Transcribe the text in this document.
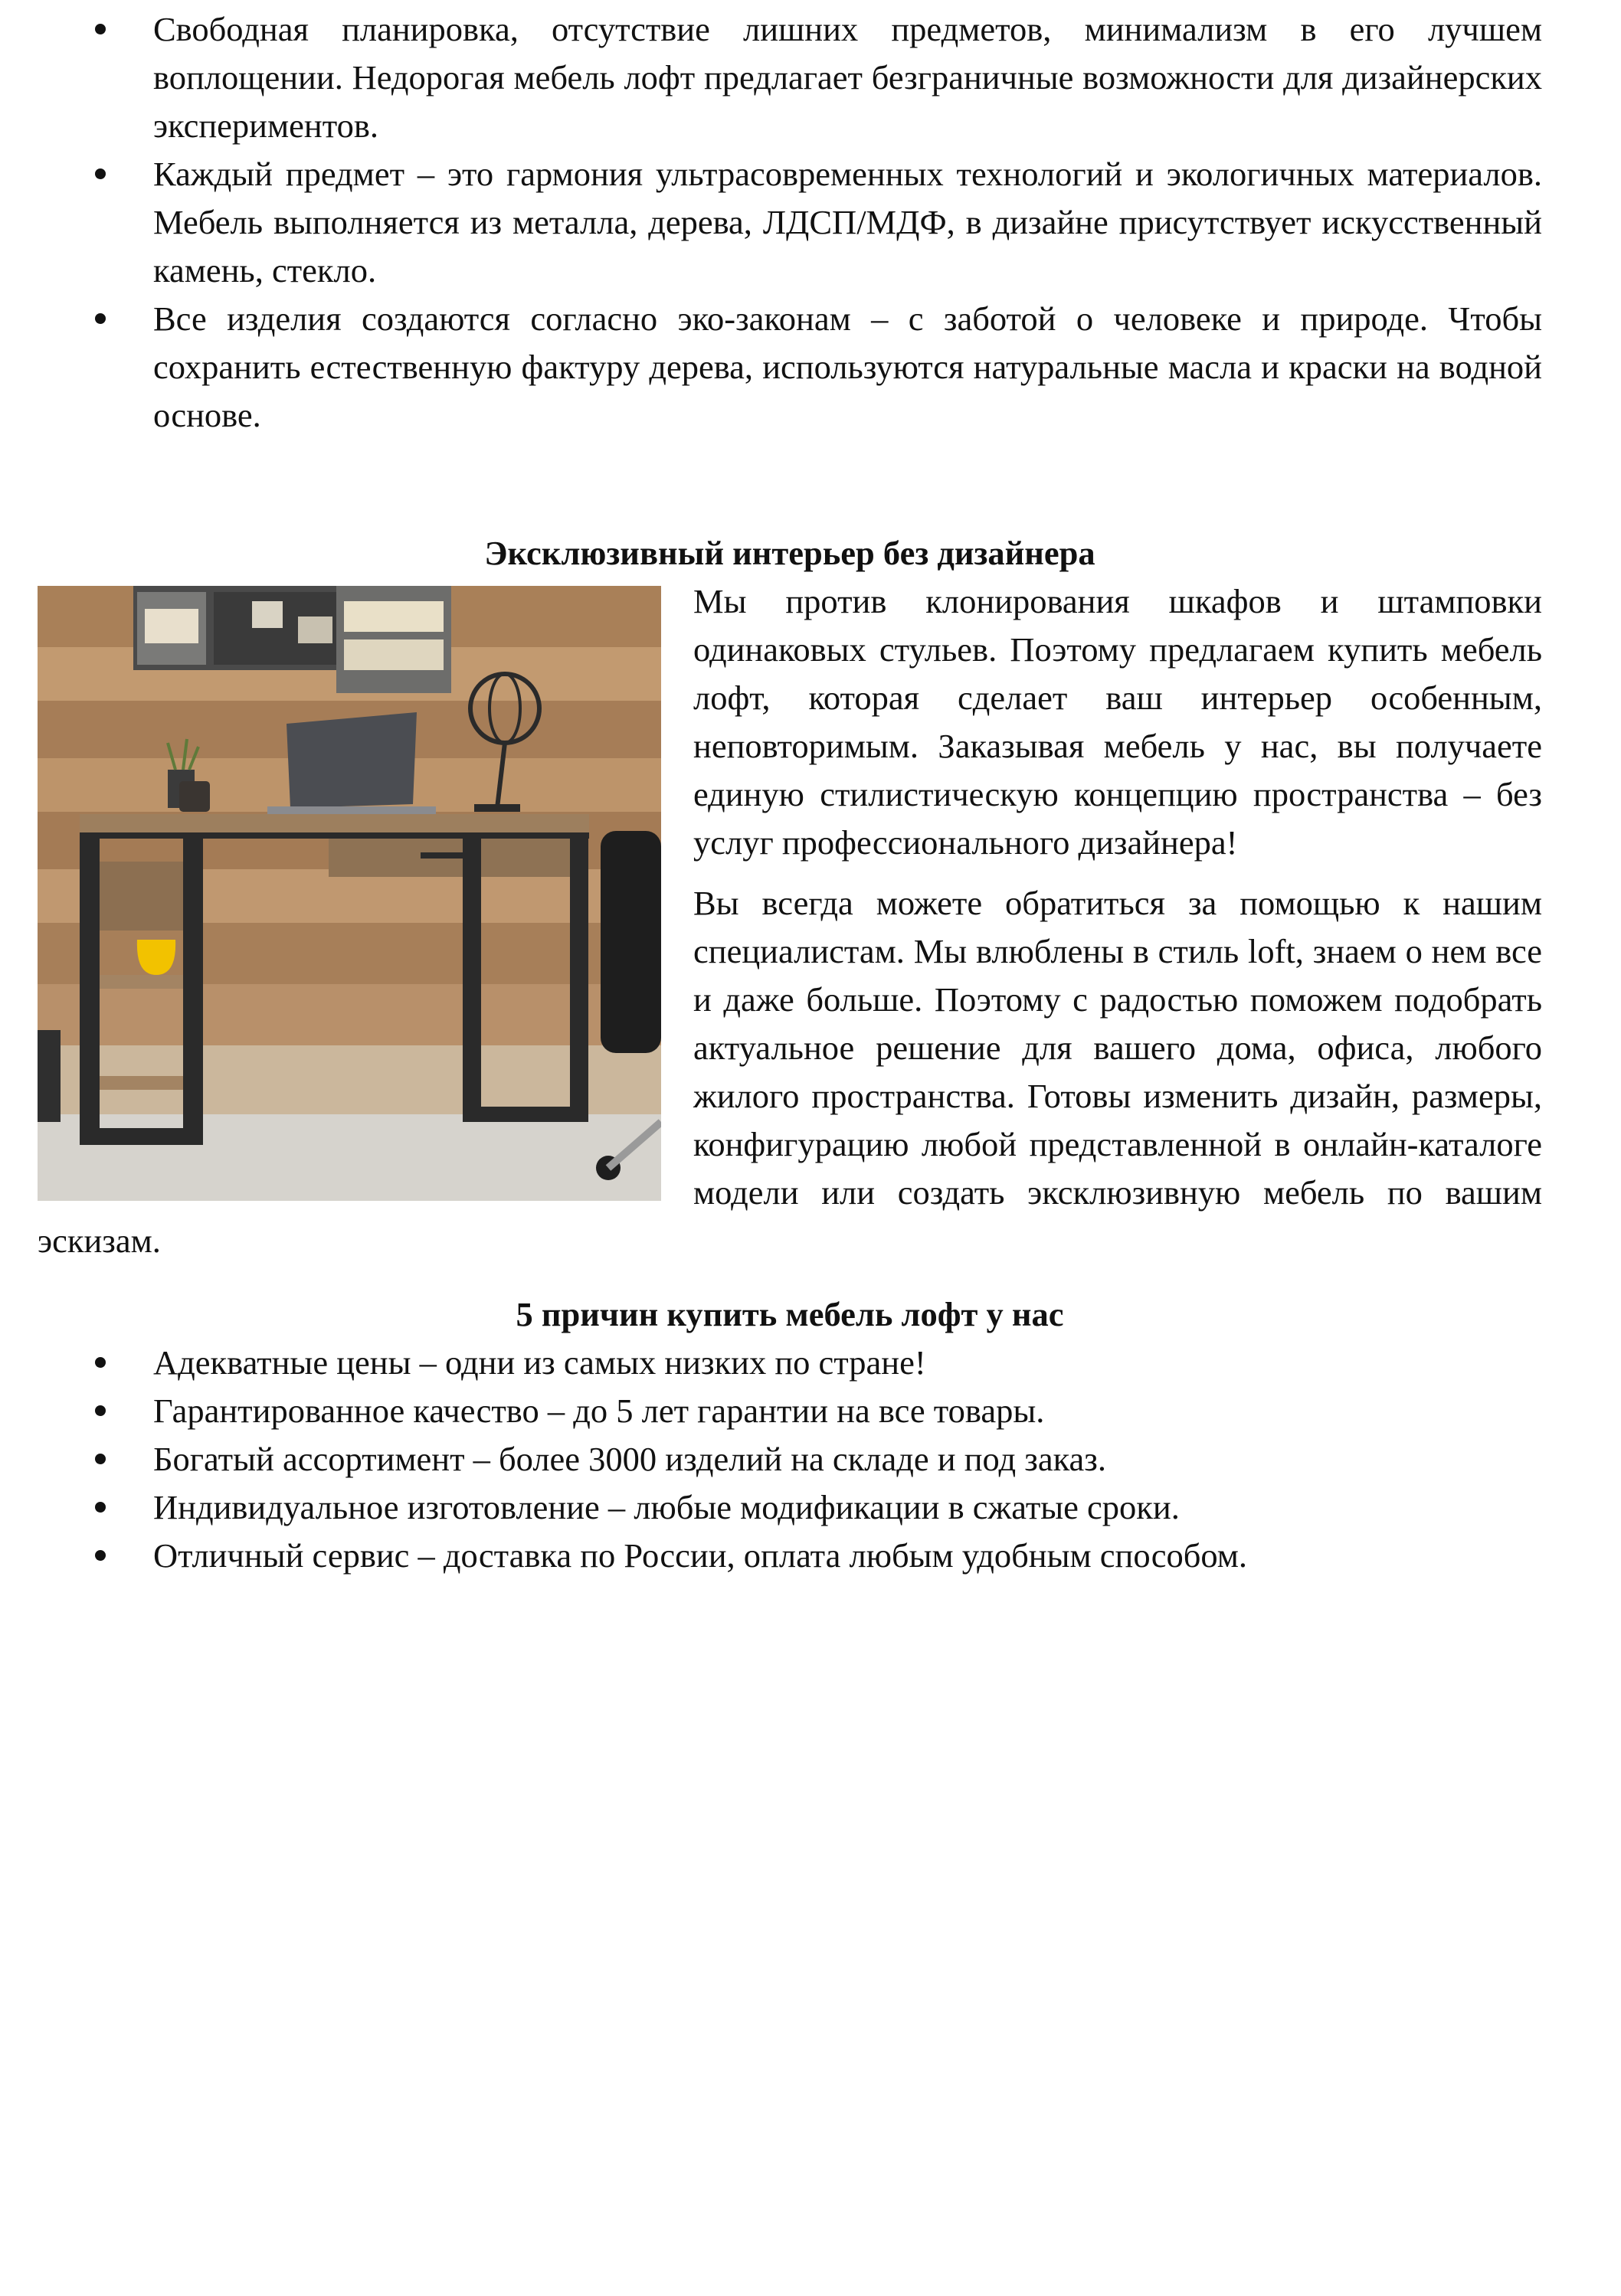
Свободная планировка, отсутствие лишних предметов, минимализм в его лучшем воплощении. Недорогая мебель лофт предлагает безграничные возможности для дизайнерских экспериментов.
Каждый предмет – это гармония ультрасовременных технологий и экологичных материалов. Мебель выполняется из металла, дерева, ЛДСП/МДФ, в дизайне присутствует искусственный камень, стекло.
Все изделия создаются согласно эко-законам – с заботой о человеке и природе. Чтобы сохранить естественную фактуру дерева, используются натуральные масла и краски на водной основе.
Эксклюзивный интерьер без дизайнера

Мы против клонирования шкафов и штамповки одинаковых стульев. Поэтому предлагаем купить мебель лофт, которая сделает ваш интерьер особенным, неповторимым. Заказывая мебель у нас, вы получаете единую стилистическую концепцию пространства – без услуг профессионального дизайнера!

Вы всегда можете обратиться за помощью к нашим специалистам. Мы влюблены в стиль loft, знаем о нем все и даже больше. Поэтому с радостью поможем подобрать актуальное решение для вашего дома, офиса, любого жилого пространства. Готовы изменить дизайн, размеры, конфигурацию любой представленной в онлайн-каталоге модели или создать эксклюзивную мебель по вашим эскизам.

5 причин купить мебель лофт у нас
Адекватные цены – одни из самых низких по стране!
Гарантированное качество – до 5 лет гарантии на все товары.
Богатый ассортимент – более 3000 изделий на складе и под заказ.
Индивидуальное изготовление – любые модификации в сжатые сроки.
Отличный сервис – доставка по России, оплата любым удобным способом.
